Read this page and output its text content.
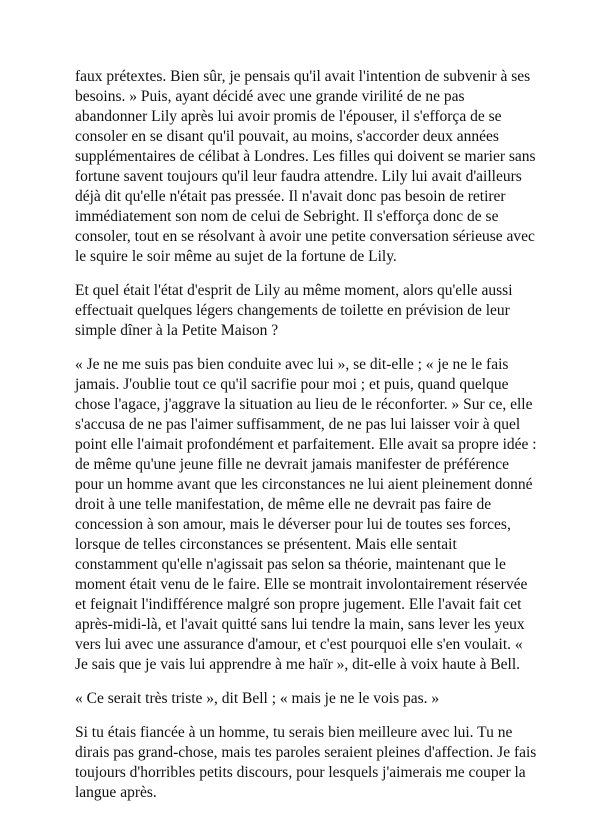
faux prétextes. Bien sûr, je pensais qu'il avait l'intention de subvenir à ses besoins. » Puis, ayant décidé avec une grande virilité de ne pas abandonner Lily après lui avoir promis de l'épouser, il s'efforça de se consoler en se disant qu'il pouvait, au moins, s'accorder deux années supplémentaires de célibat à Londres. Les filles qui doivent se marier sans fortune savent toujours qu'il leur faudra attendre. Lily lui avait d'ailleurs déjà dit qu'elle n'était pas pressée. Il n'avait donc pas besoin de retirer immédiatement son nom de celui de Sebright. Il s'efforça donc de se consoler, tout en se résolvant à avoir une petite conversation sérieuse avec le squire le soir même au sujet de la fortune de Lily.

Et quel était l'état d'esprit de Lily au même moment, alors qu'elle aussi effectuait quelques légers changements de toilette en prévision de leur simple dîner à la Petite Maison ?

« Je ne me suis pas bien conduite avec lui », se dit-elle ; « je ne le fais jamais. J'oublie tout ce qu'il sacrifie pour moi ; et puis, quand quelque chose l'agace, j'aggrave la situation au lieu de le réconforter. » Sur ce, elle s'accusa de ne pas l'aimer suffisamment, de ne pas lui laisser voir à quel point elle l'aimait profondément et parfaitement. Elle avait sa propre idée : de même qu'une jeune fille ne devrait jamais manifester de préférence pour un homme avant que les circonstances ne lui aient pleinement donné droit à une telle manifestation, de même elle ne devrait pas faire de concession à son amour, mais le déverser pour lui de toutes ses forces, lorsque de telles circonstances se présentent. Mais elle sentait constamment qu'elle n'agissait pas selon sa théorie, maintenant que le moment était venu de le faire. Elle se montrait involontairement réservée et feignait l'indifférence malgré son propre jugement. Elle l'avait fait cet après-midi-là, et l'avait quitté sans lui tendre la main, sans lever les yeux vers lui avec une assurance d'amour, et c'est pourquoi elle s'en voulait. « Je sais que je vais lui apprendre à me haïr », dit-elle à voix haute à Bell.

« Ce serait très triste », dit Bell ; « mais je ne le vois pas. »

Si tu étais fiancée à un homme, tu serais bien meilleure avec lui. Tu ne dirais pas grand-chose, mais tes paroles seraient pleines d'affection. Je fais toujours d'horribles petits discours, pour lesquels j'aimerais me couper la langue après.
